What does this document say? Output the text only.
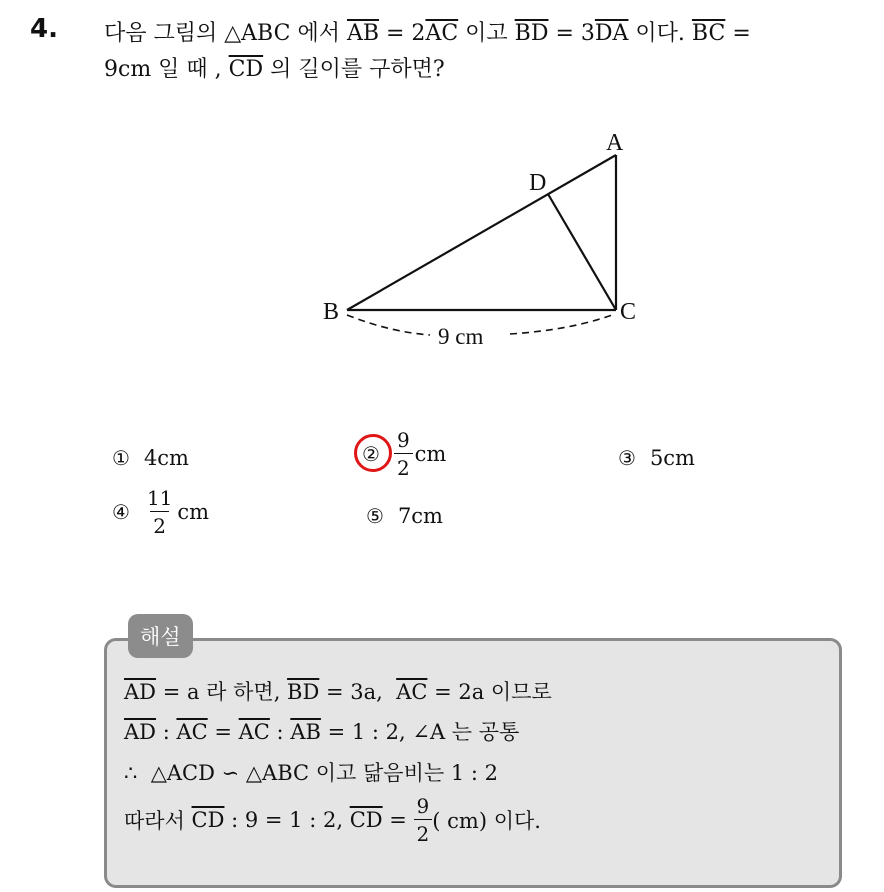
4. 다음 그림의 △ABC 에서 $\overline{AB} = 2\overline{AC}$ 이고 $\overline{BD} = 3\overline{DA}$ 이다. $\overline{BC}$ =
9cm 일 때 , $\overline{CD}$ 의 길이를 구하면?
A
B	C
D
9 cm
① 4cm	② $\frac{9}{2}$ cm	③ 5cm
④ $\frac{11}{2}$ cm	⑤ 7cm
해설
$\overline{AD} = a$ 라 하면, $\overline{BD} = 3a$,  $\overline{AC} = 2a$ 이므로
$\overline{AD}$ : $\overline{AC} = \overline{AC}$ : $\overline{AB} = 1$ : 2, ∠A 는 공통
∴  △ACD ∽ △ABC 이고 닮음비는 1 : 2
따라서 $\overline{CD}$ : 9 = 1 : 2, $\overline{CD} = \frac{9}{2}$ ( cm) 이다.
